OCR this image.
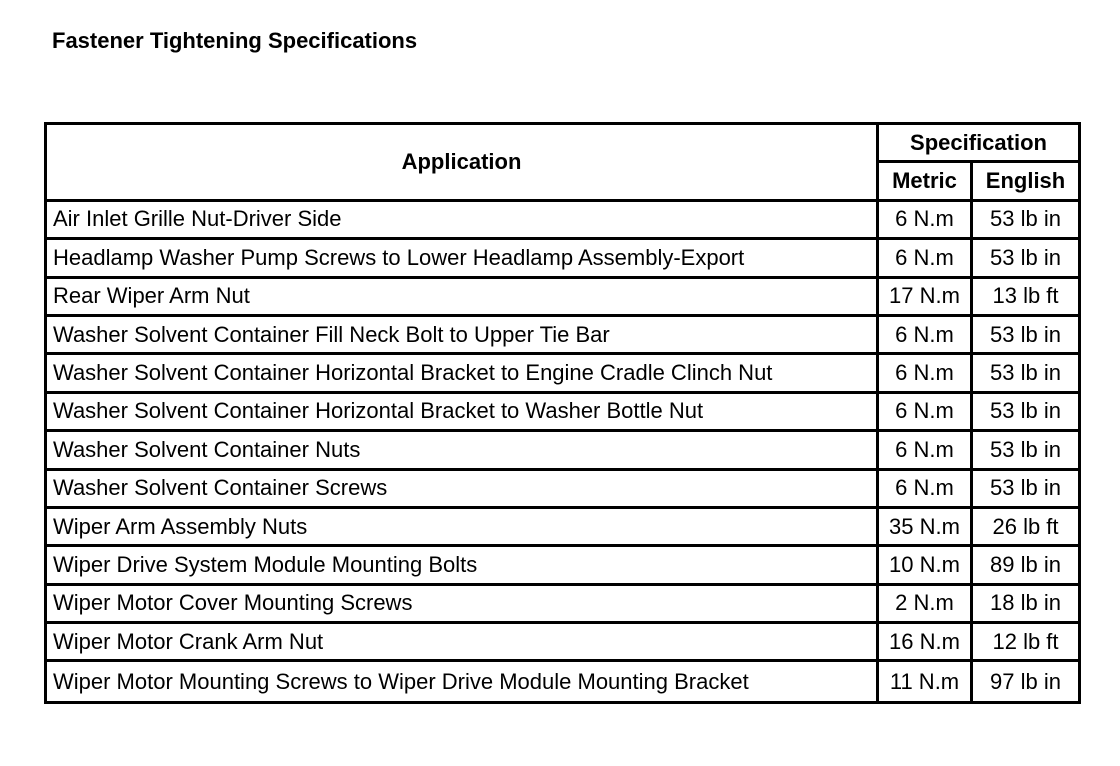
Fastener Tightening Specifications
Application	Specification	
	Metric	English
Air Inlet Grille Nut-Driver Side	6 N.m	53 lb in
Headlamp Washer Pump Screws to Lower Headlamp Assembly-Export	6 N.m	53 lb in
Rear Wiper Arm Nut	17 N.m	13 lb ft
Washer Solvent Container Fill Neck Bolt to Upper Tie Bar	6 N.m	53 lb in
Washer Solvent Container Horizontal Bracket to Engine Cradle Clinch Nut	6 N.m	53 lb in
Washer Solvent Container Horizontal Bracket to Washer Bottle Nut	6 N.m	53 lb in
Washer Solvent Container Nuts	6 N.m	53 lb in
Washer Solvent Container Screws	6 N.m	53 lb in
Wiper Arm Assembly Nuts	35 N.m	26 lb ft
Wiper Drive System Module Mounting Bolts	10 N.m	89 lb in
Wiper Motor Cover Mounting Screws	2 N.m	18 lb in
Wiper Motor Crank Arm Nut	16 N.m	12 lb ft
Wiper Motor Mounting Screws to Wiper Drive Module Mounting Bracket	11 N.m	97 lb in
